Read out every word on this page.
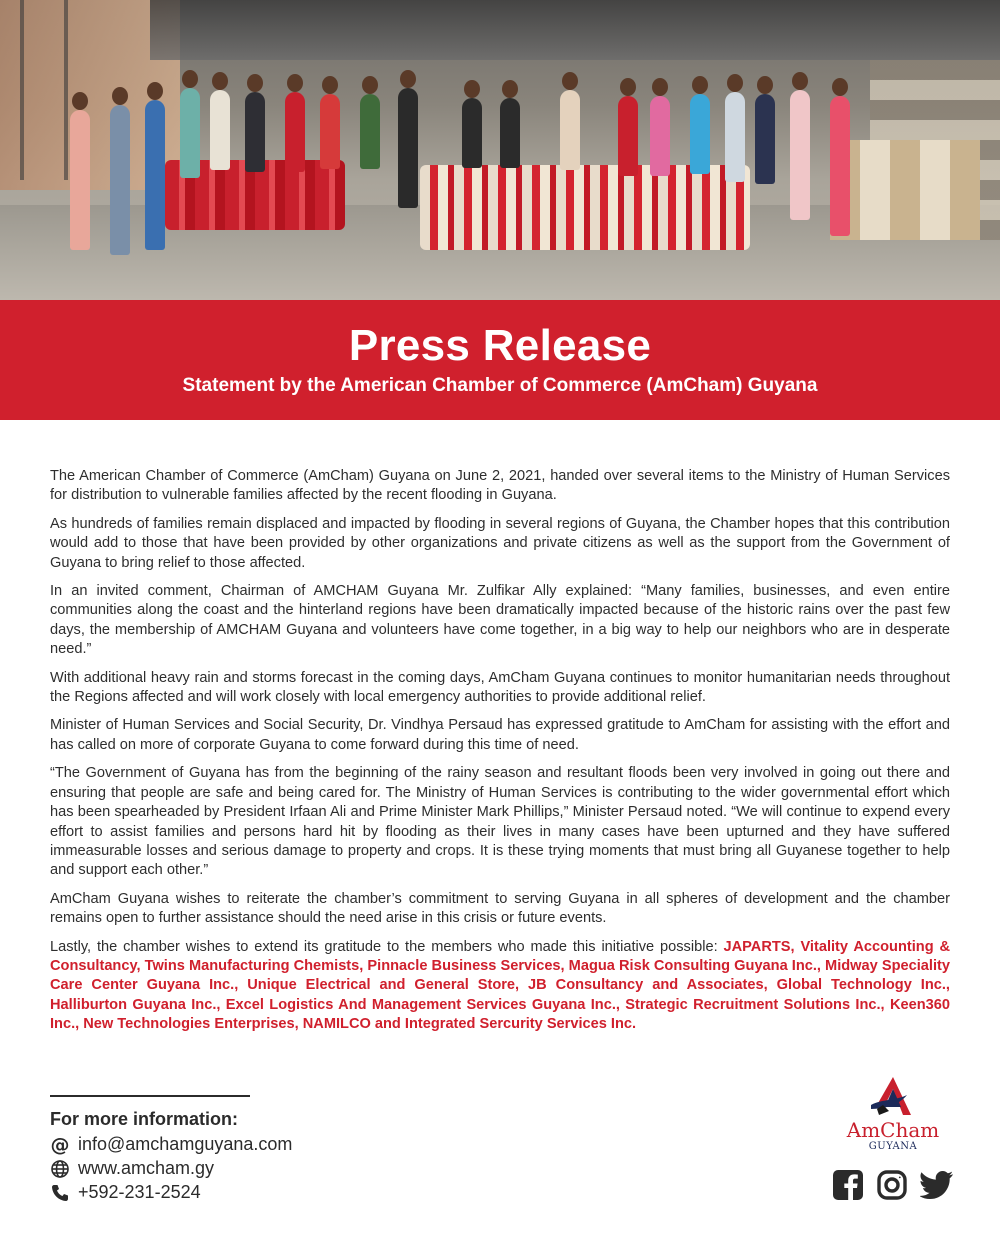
Press Release
Statement by the American Chamber of Commerce (AmCham) Guyana

The American Chamber of Commerce (AmCham) Guyana on June 2, 2021, handed over several items to the Ministry of Human Services for distribution to vulnerable families affected by the recent flooding in Guyana.

As hundreds of families remain displaced and impacted by flooding in several regions of Guyana, the Chamber hopes that this contribution would add to those that have been provided by other organizations and private citizens as well as the support from the Government of Guyana to bring relief to those affected.

In an invited comment, Chairman of AMCHAM Guyana Mr. Zulfikar Ally explained: “Many families, businesses, and even entire communities along the coast and the hinterland regions have been dramatically impacted because of the historic rains over the past few days, the membership of AMCHAM Guyana and volunteers have come together, in a big way to help our neighbors who are in desperate need.”

With additional heavy rain and storms forecast in the coming days, AmCham Guyana continues to monitor humanitarian needs throughout the Regions affected and will work closely with local emergency authorities to provide additional relief.

Minister of Human Services and Social Security, Dr. Vindhya Persaud has expressed gratitude to AmCham for assisting with the effort and has called on more of corporate Guyana to come forward during this time of need.

“The Government of Guyana has from the beginning of the rainy season and resultant floods been very involved in going out there and ensuring that people are safe and being cared for. The Ministry of Human Services is contributing to the wider governmental effort which has been spearheaded by President Irfaan Ali and Prime Minister Mark Phillips,” Minister Persaud noted. “We will continue to expend every effort to assist families and persons hard hit by flooding as their lives in many cases have been upturned and they have suffered immeasurable losses and serious damage to property and crops. It is these trying moments that must bring all Guyanese together to help and support each other.”

AmCham Guyana wishes to reiterate the chamber’s commitment to serving Guyana in all spheres of development and the chamber remains open to further assistance should the need arise in this crisis or future events.

Lastly, the chamber wishes to extend its gratitude to the members who made this initiative possible: JAPARTS, Vitality Accounting & Consultancy, Twins Manufacturing Chemists, Pinnacle Business Services, Magua Risk Consulting Guyana Inc., Midway Speciality Care Center Guyana Inc., Unique Electrical and General Store, JB Consultancy and Associates, Global Technology Inc., Halliburton Guyana Inc., Excel Logistics And Management Services Guyana Inc., Strategic Recruitment Solutions Inc., Keen360 Inc., New Technologies Enterprises, NAMILCO and Integrated Sercurity Services Inc.

For more information:
@ info@amchamguyana.com
www.amcham.gy
+592-231-2524
AmCham
GUYANA
